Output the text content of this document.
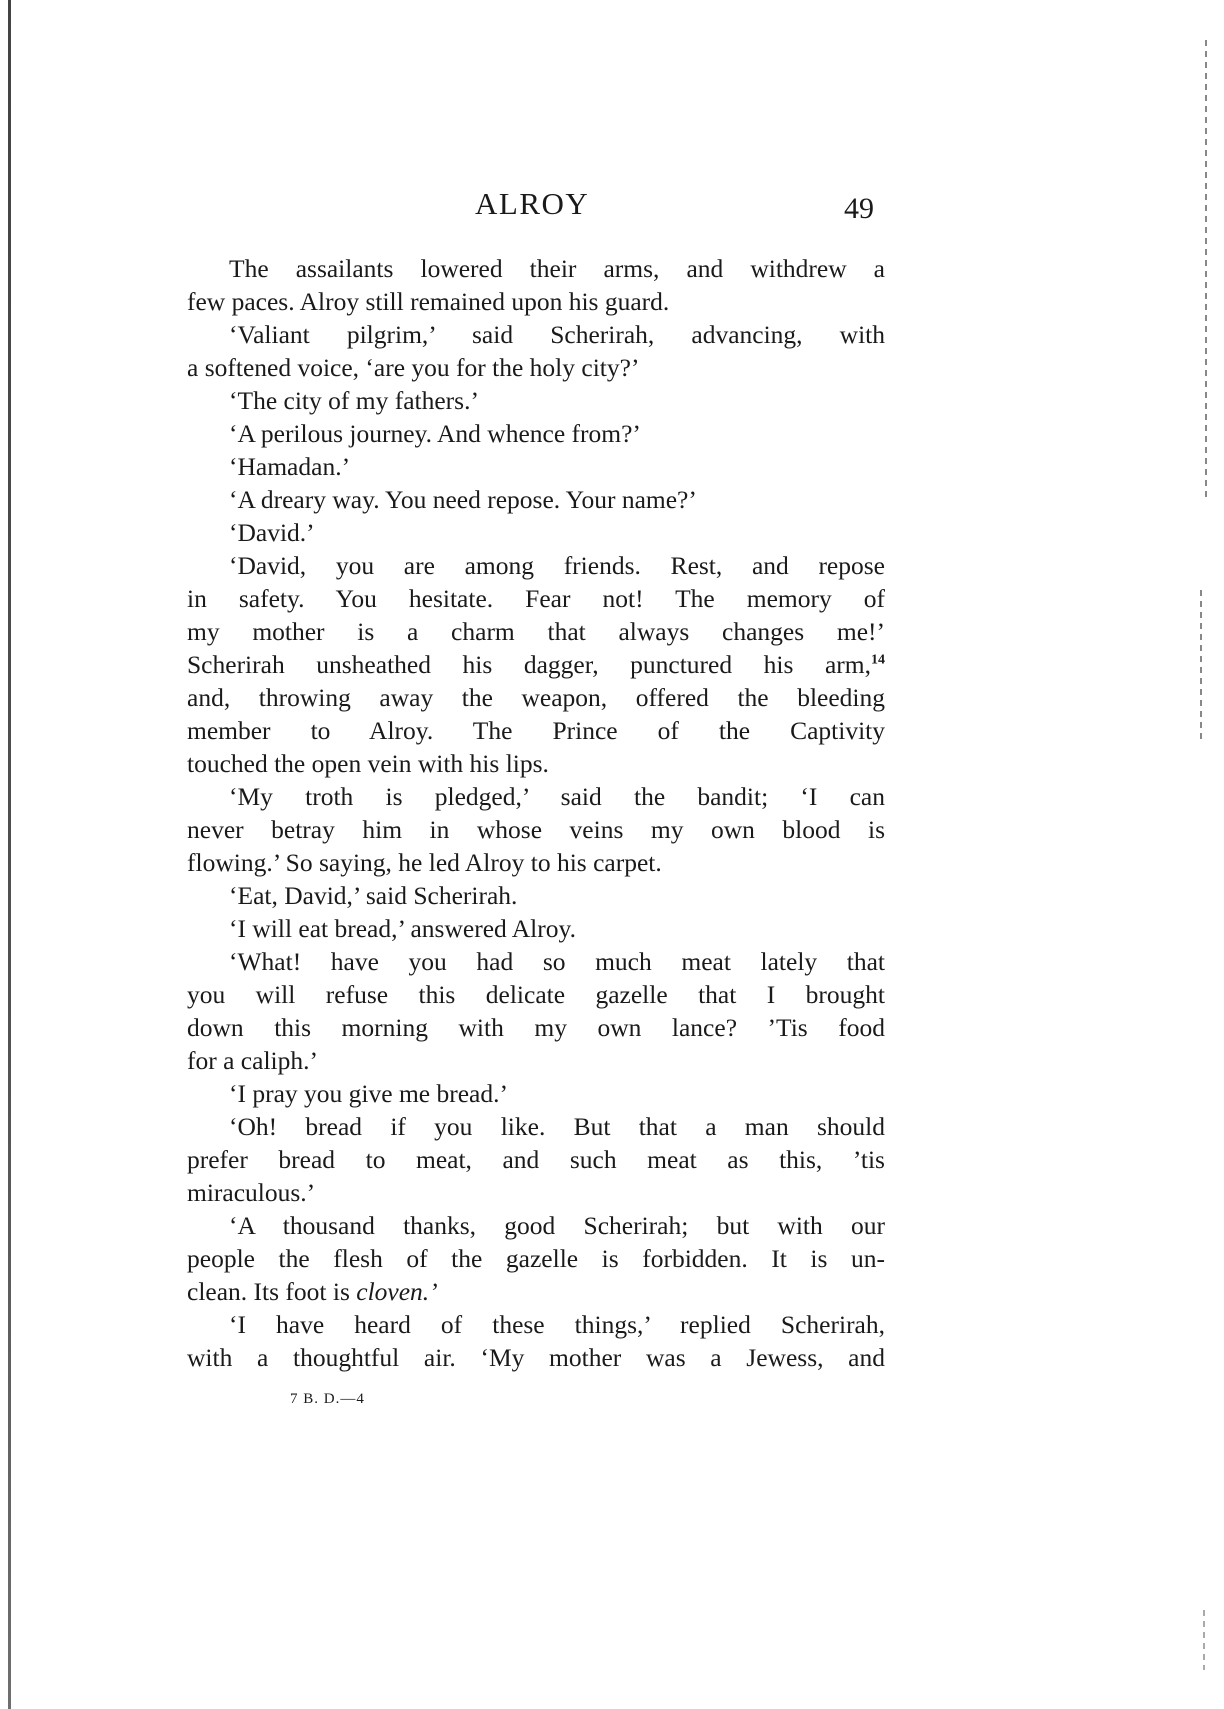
ALROY	49
The assailants lowered their arms, and withdrew a
few paces. Alroy still remained upon his guard.
‘Valiant pilgrim,’ said Scherirah, advancing, with
a softened voice, ‘are you for the holy city?’
‘The city of my fathers.’
‘A perilous journey. And whence from?’
‘Hamadan.’
‘A dreary way. You need repose. Your name?’
‘David.’
‘David, you are among friends. Rest, and repose
in safety. You hesitate. Fear not! The memory of
my mother is a charm that always changes me!’
Scherirah unsheathed his dagger, punctured his arm,$^{14}$
and, throwing away the weapon, offered the bleeding
member to Alroy. The Prince of the Captivity
touched the open vein with his lips.
‘My troth is pledged,’ said the bandit; ‘I can
never betray him in whose veins my own blood is
flowing.’ So saying, he led Alroy to his carpet.
‘Eat, David,’ said Scherirah.
‘I will eat bread,’ answered Alroy.
‘What! have you had so much meat lately that
you will refuse this delicate gazelle that I brought
down this morning with my own lance? ’Tis food
for a caliph.’
‘I pray you give me bread.’
‘Oh! bread if you like. But that a man should
prefer bread to meat, and such meat as this, ’tis
miraculous.’
‘A thousand thanks, good Scherirah; but with our
people the flesh of the gazelle is forbidden. It is un-
clean. Its foot is cloven.’
‘I have heard of these things,’ replied Scherirah,
with a thoughtful air. ‘My mother was a Jewess, and
7 B. D.—4
